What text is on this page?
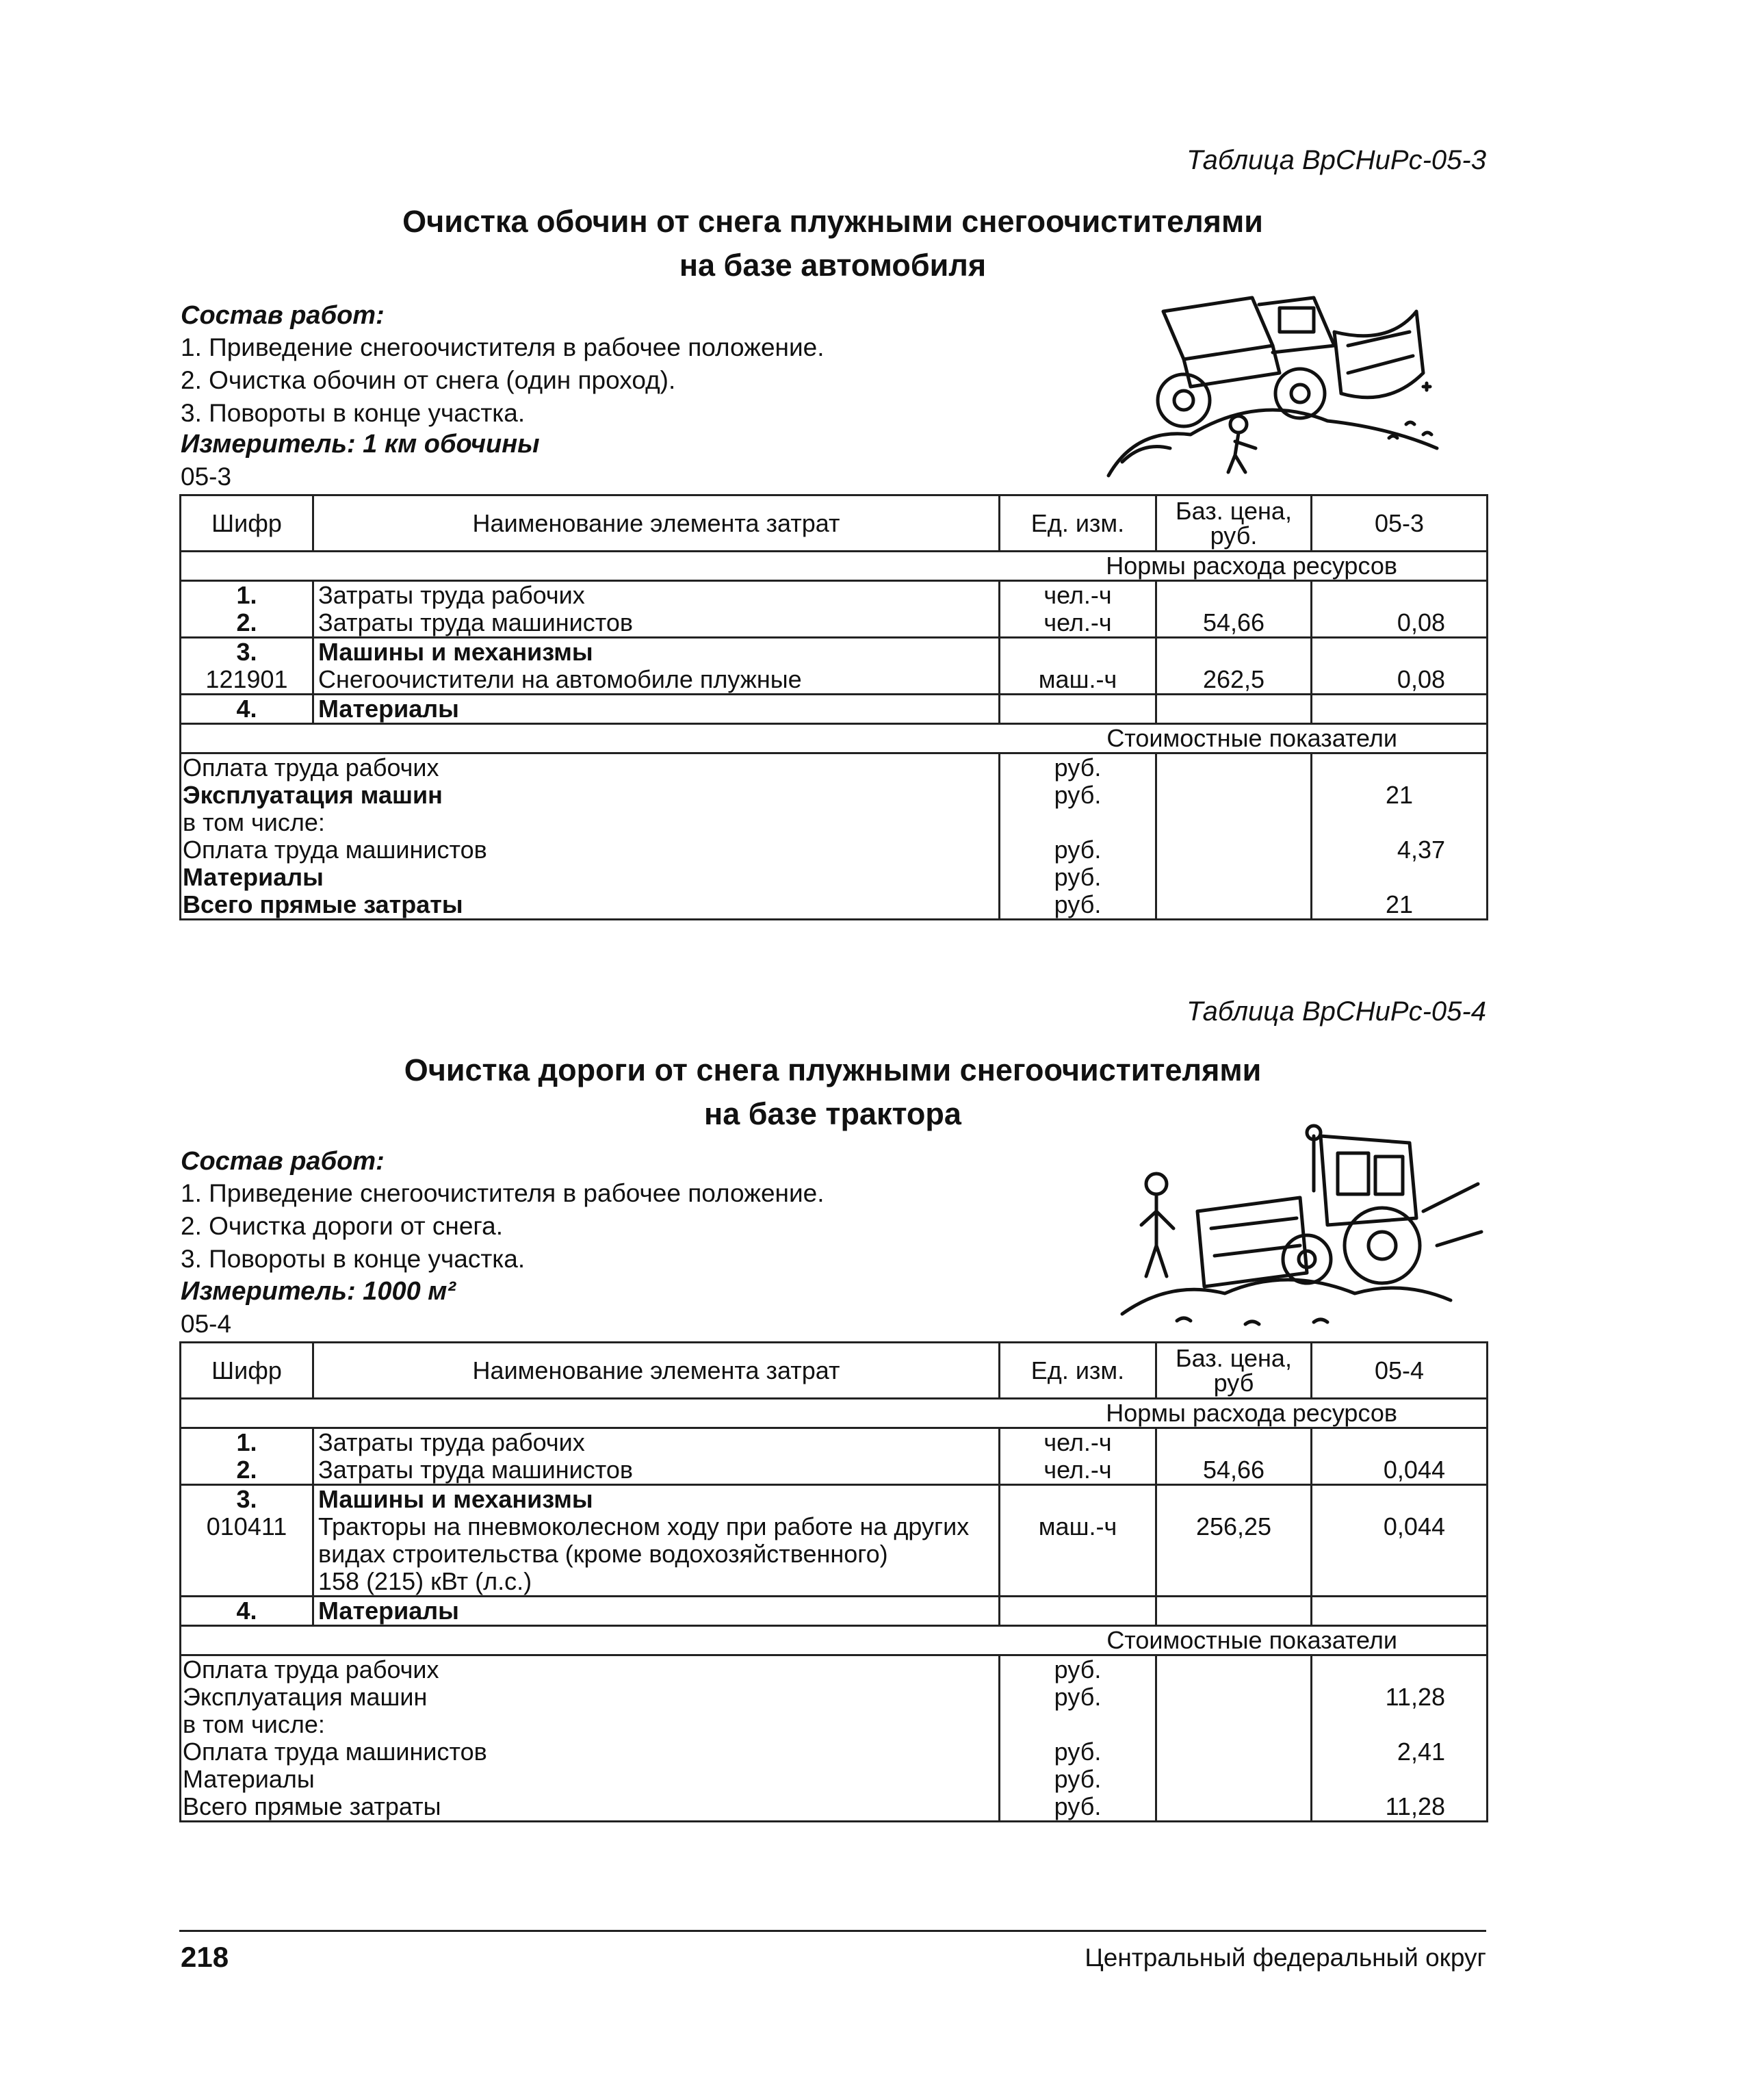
Таблица ВрСНиРс-05-3
Очистка обочин от снега плужными снегоочистителями
на базе автомобиля
Состав работ:

1. Приведение снегоочистителя в рабочее положение.

2. Очистка обочин от снега (один проход).

3. Повороты в конце участка.

Измеритель: 1 км обочины
05-3
Шифр	Наименование элемента затрат	Ед. изм.	Баз. цена, руб.	05-3
Нормы расхода ресурсов				
1.	Затраты труда рабочих	чел.-ч		
2.	Затраты труда машинистов	чел.-ч	54,66	0,08
3.	Машины и механизмы			
121901	Снегоочистители на автомобиле плужные	маш.-ч	262,5	0,08
4.	Материалы			
Стоимостные показатели				
Оплата труда рабочих		руб.		
Эксплуатация машин		руб.		21
в том числе:				
Оплата труда машинистов		руб.		4,37
Материалы		руб.		
Всего прямые затраты		руб.		21
Таблица ВрСНиРс-05-4
Очистка дороги от снега плужными снегоочистителями
на базе трактора
Состав работ:

1. Приведение снегоочистителя в рабочее положение.

2. Очистка дороги от снега.

3. Повороты в конце участка.

Измеритель: 1000 м²
05-4
Шифр	Наименование элемента затрат	Ед. изм.	Баз. цена, руб	05-4
Нормы расхода ресурсов				
1.	Затраты труда рабочих	чел.-ч		
2.	Затраты труда машинистов	чел.-ч	54,66	0,044
3.	Машины и механизмы			
010411	Тракторы на пневмоколесном ходу при работе на других
видах строительства (кроме водохозяйственного)
158 (215) кВт (л.с.)	маш.-ч	256,25	0,044
4.	Материалы			
Стоимостные показатели				
Оплата труда рабочих		руб.		
Эксплуатация машин		руб.		11,28
в том числе:				
Оплата труда машинистов		руб.		2,41
Материалы		руб.		
Всего прямые затраты		руб.		11,28
218	Центральный федеральный округ
